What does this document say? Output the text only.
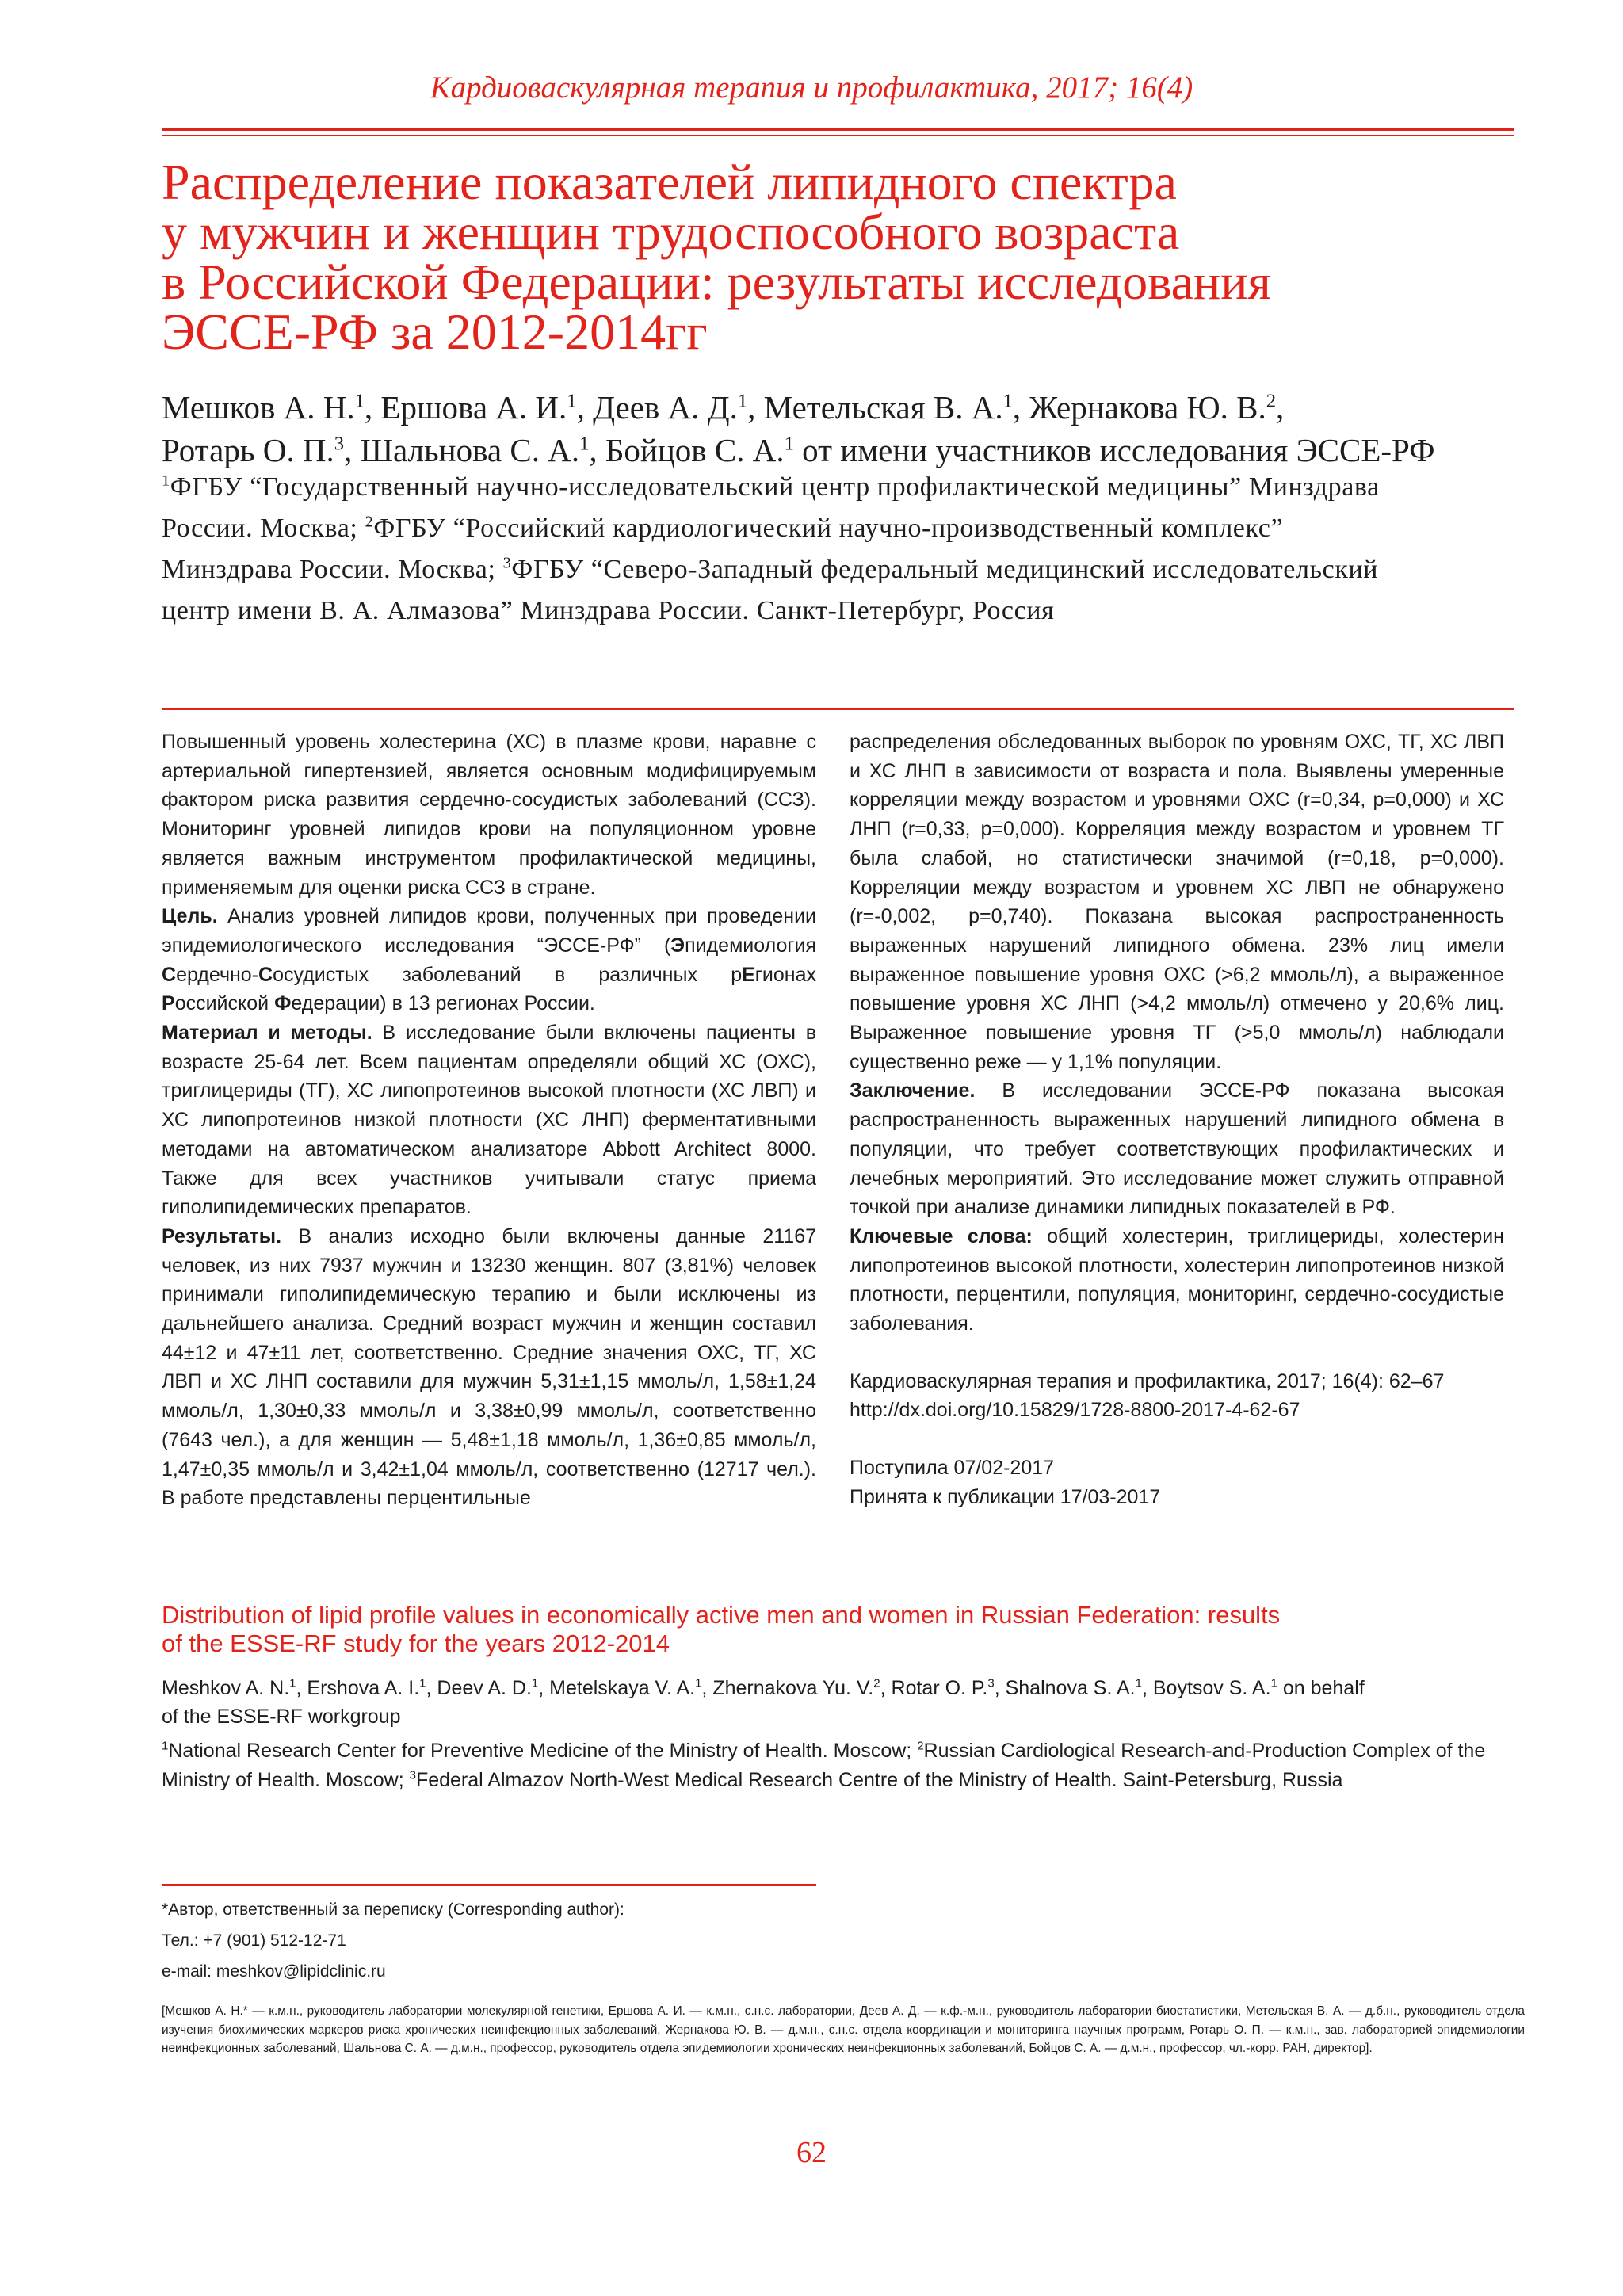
Кардиоваскулярная терапия и профилактика, 2017; 16(4)
Распределение показателей липидного спектра
у мужчин и женщин трудоспособного возраста
в Российской Федерации: результаты исследования
ЭССЕ-РФ за 2012-2014гг
Мешков А. Н.$^1$, Ершова А. И.$^1$, Деев А. Д.$^1$, Метельская В. А.$^1$, Жернакова Ю. В.$^2$,
Ротарь О. П.$^3$, Шальнова С. А.$^1$, Бойцов С. А.$^1$ от имени участников исследования ЭССЕ-РФ
$^1$ФГБУ “Государственный научно-исследовательский центр профилактической медицины” Минздрава
России. Москва; $^2$ФГБУ “Российский кардиологический научно-производственный комплекс”
Минздрава России. Москва; $^3$ФГБУ “Северо-Западный федеральный медицинский исследовательский
центр имени В. А. Алмазова” Минздрава России. Санкт-Петербург, Россия

Повышенный уровень холестерина (ХС) в плазме крови, наравне с артериальной гипертензией, является основным модифицируемым фактором риска развития сердечно-сосудистых заболеваний (ССЗ). Мониторинг уровней липидов крови на популяционном уровне является важным инструментом профилактической медицины, применяемым для оценки риска ССЗ в стране.

Цель. Анализ уровней липидов крови, полученных при проведении эпидемиологического исследования “ЭССЕ-РФ” (Эпидемиология Сердечно-Сосудистых заболеваний в различных рЕгионах Российской Федерации) в 13 регионах России.

Материал и методы. В исследование были включены пациенты в возрасте 25-64 лет. Всем пациентам определяли общий ХС (ОХС), триглицериды (ТГ), ХС липопротеинов высокой плотности (ХС ЛВП) и ХС липопротеинов низкой плотности (ХС ЛНП) ферментативными методами на автоматическом анализаторе Abbott Architect 8000. Также для всех участников учитывали статус приема гиполипидемических препаратов.

Результаты. В анализ исходно были включены данные 21167 человек, из них 7937 мужчин и 13230 женщин. 807 (3,81%) человек принимали гиполипидемическую терапию и были исключены из дальнейшего анализа. Средний возраст мужчин и женщин составил 44±12 и 47±11 лет, соответственно. Средние значения ОХС, ТГ, ХС ЛВП и ХС ЛНП составили для мужчин 5,31±1,15 ммоль/л, 1,58±1,24 ммоль/л, 1,30±0,33 ммоль/л и 3,38±0,99 ммоль/л, соответственно (7643 чел.), а для женщин — 5,48±1,18 ммоль/л, 1,36±0,85 ммоль/л, 1,47±0,35 ммоль/л и 3,42±1,04 ммоль/л, соответственно (12717 чел.). В работе представлены перцентильные

распределения обследованных выборок по уровням ОХС, ТГ, ХС ЛВП и ХС ЛНП в зависимости от возраста и пола. Выявлены умеренные корреляции между возрастом и уровнями ОХС (r=0,34, p=0,000) и ХС ЛНП (r=0,33, p=0,000). Корреляция между возрастом и уровнем ТГ была слабой, но статистически значимой (r=0,18, p=0,000). Корреляции между возрастом и уровнем ХС ЛВП не обнаружено (r=-0,002, p=0,740). Показана высокая распространенность выраженных нарушений липидного обмена. 23% лиц имели выраженное повышение уровня ОХС (>6,2 ммоль/л), а выраженное повышение уровня ХС ЛНП (>4,2 ммоль/л) отмечено у 20,6% лиц. Выраженное повышение уровня ТГ (>5,0 ммоль/л) наблюдали существенно реже — у 1,1% популяции.

Заключение. В исследовании ЭССЕ-РФ показана высокая распространенность выраженных нарушений липидного обмена в популяции, что требует соответствующих профилактических и лечебных мероприятий. Это исследование может служить отправной точкой при анализе динамики липидных показателей в РФ.

Ключевые слова: общий холестерин, триглицериды, холестерин липопротеинов высокой плотности, холестерин липопротеинов низкой плотности, перцентили, популяция, мониторинг, сердечно-сосудистые заболевания.

Кардиоваскулярная терапия и профилактика, 2017; 16(4): 62–67

http://dx.doi.org/10.15829/1728-8800-2017-4-62-67

Поступила 07/02-2017

Принята к публикации 17/03-2017

Distribution of lipid profile values in economically active men and women in Russian Federation: results
of the ESSE-RF study for the years 2012-2014
Meshkov A. N.$^1$, Ershova A. I.$^1$, Deev A. D.$^1$, Metelskaya V. A.$^1$, Zhernakova Yu. V.$^2$, Rotar O. P.$^3$, Shalnova S. A.$^1$, Boytsov S. A.$^1$ on behalf
of the ESSE-RF workgroup
$^1$National Research Center for Preventive Medicine of the Ministry of Health. Moscow; $^2$Russian Cardiological Research-and-Production Complex of the Ministry of Health. Moscow; $^3$Federal Almazov North-West Medical Research Centre of the Ministry of Health. Saint-Petersburg, Russia
*Автор, ответственный за переписку (Corresponding author):
Тел.: +7 (901) 512-12-71
e-mail: meshkov@lipidclinic.ru
[Мешков А. Н.* — к.м.н., руководитель лаборатории молекулярной генетики, Ершова А. И. — к.м.н., с.н.с. лаборатории, Деев А. Д. — к.ф.-м.н., руководитель лаборатории биостатистики, Метельская В. А. — д.б.н., руководитель отдела изучения биохимических маркеров риска хронических неинфекционных заболеваний, Жернакова Ю. В. — д.м.н., с.н.с. отдела координации и мониторинга научных программ, Ротарь О. П. — к.м.н., зав. лабораторией эпидемиологии неинфекционных заболеваний, Шальнова С. А. — д.м.н., профессор, руководитель отдела эпидемиологии хронических неинфекционных заболеваний, Бойцов С. А. — д.м.н., профессор, чл.-корр. РАН, директор].
62
